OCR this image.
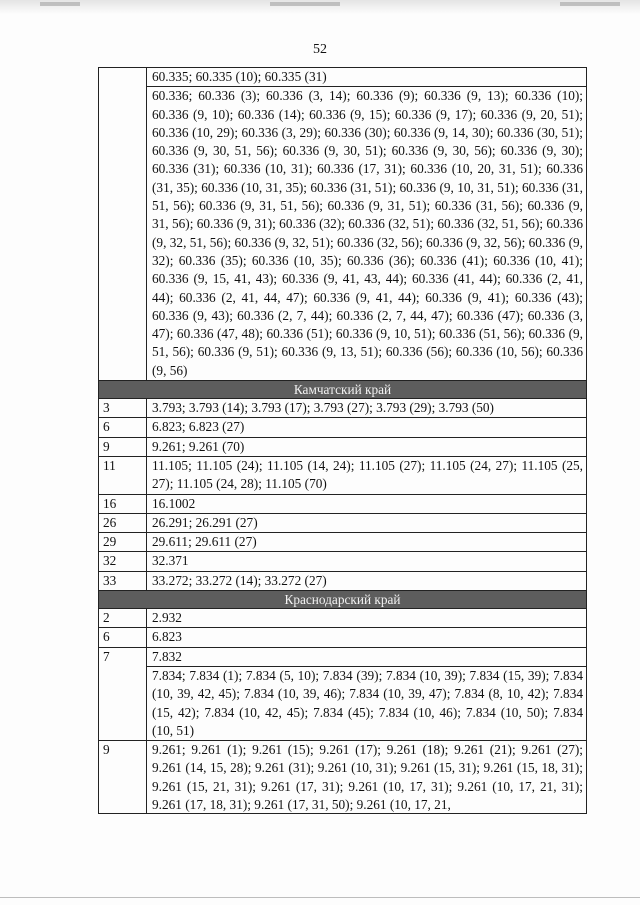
52
	60.335; 60.335 (10); 60.335 (31)
	60.336; 60.336 (3); 60.336 (3, 14); 60.336 (9); 60.336 (9, 13); 60.336 (10); 60.336 (9, 10); 60.336 (14); 60.336 (9, 15); 60.336 (9, 17); 60.336 (9, 20, 51); 60.336 (10, 29); 60.336 (3, 29); 60.336 (30); 60.336 (9, 14, 30); 60.336 (30, 51); 60.336 (9, 30, 51, 56); 60.336 (9, 30, 51); 60.336 (9, 30, 56); 60.336 (9, 30); 60.336 (31); 60.336 (10, 31); 60.336 (17, 31); 60.336 (10, 20, 31, 51); 60.336 (31, 35); 60.336 (10, 31, 35); 60.336 (31, 51); 60.336 (9, 10, 31, 51); 60.336 (31, 51, 56); 60.336 (9, 31, 51, 56); 60.336 (9, 31, 51); 60.336 (31, 56); 60.336 (9, 31, 56); 60.336 (9, 31); 60.336 (32); 60.336 (32, 51); 60.336 (32, 51, 56); 60.336 (9, 32, 51, 56); 60.336 (9, 32, 51); 60.336 (32, 56); 60.336 (9, 32, 56); 60.336 (9, 32); 60.336 (35); 60.336 (10, 35); 60.336 (36); 60.336 (41); 60.336 (10, 41); 60.336 (9, 15, 41, 43); 60.336 (9, 41, 43, 44); 60.336 (41, 44); 60.336 (2, 41, 44); 60.336 (2, 41, 44, 47); 60.336 (9, 41, 44); 60.336 (9, 41); 60.336 (43); 60.336 (9, 43); 60.336 (2, 7, 44); 60.336 (2, 7, 44, 47); 60.336 (47); 60.336 (3, 47); 60.336 (47, 48); 60.336 (51); 60.336 (9, 10, 51); 60.336 (51, 56); 60.336 (9, 51, 56); 60.336 (9, 51); 60.336 (9, 13, 51); 60.336 (56); 60.336 (10, 56); 60.336 (9, 56)
Камчатский край	
3	3.793; 3.793 (14); 3.793 (17); 3.793 (27); 3.793 (29); 3.793 (50)
6	6.823; 6.823 (27)
9	9.261; 9.261 (70)
11	11.105; 11.105 (24); 11.105 (14, 24); 11.105 (27); 11.105 (24, 27); 11.105 (25, 27); 11.105 (24, 28); 11.105 (70)
16	16.1002
26	26.291; 26.291 (27)
29	29.611; 29.611 (27)
32	32.371
33	33.272; 33.272 (14); 33.272 (27)
Краснодарский край	
2	2.932
6	6.823
7	7.832
	7.834; 7.834 (1); 7.834 (5, 10); 7.834 (39); 7.834 (10, 39); 7.834 (15, 39); 7.834 (10, 39, 42, 45); 7.834 (10, 39, 46); 7.834 (10, 39, 47); 7.834 (8, 10, 42); 7.834 (15, 42); 7.834 (10, 42, 45); 7.834 (45); 7.834 (10, 46); 7.834 (10, 50); 7.834 (10, 51)
9	9.261; 9.261 (1); 9.261 (15); 9.261 (17); 9.261 (18); 9.261 (21); 9.261 (27); 9.261 (14, 15, 28); 9.261 (31); 9.261 (10, 31); 9.261 (15, 31); 9.261 (15, 18, 31); 9.261 (15, 21, 31); 9.261 (17, 31); 9.261 (10, 17, 31); 9.261 (10, 17, 21, 31); 9.261 (17, 18, 31); 9.261 (17, 31, 50); 9.261 (10, 17, 21,
